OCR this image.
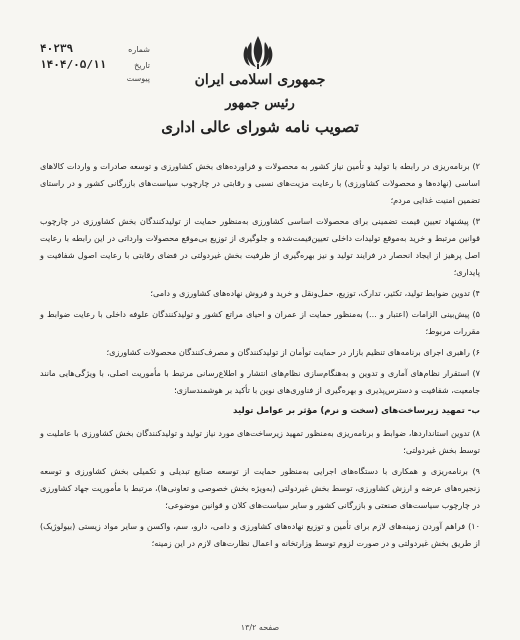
شماره
۴۰۲۳۹
تاریخ
۱۴۰۴/۰۵/۱۱
پیوست	جمهوری اسلامی ایران
رئیس جمهور
تصویب نامه شورای عالی اداری

۲) برنامه‌ریزی در رابطه با تولید و تأمین نیاز کشور به محصولات و فراورده‌های بخش کشاورزی و توسعه صادرات و واردات کالاهای اساسی (نهاده‌ها و محصولات کشاورزی) با رعایت مزیت‌های نسبی و رقابتی در چارچوب سیاست‌های بازرگانی کشور و در راستای تضمین امنیت غذایی مردم؛

۳) پیشنهاد تعیین قیمت تضمینی برای محصولات اساسی کشاورزی به‌منظور حمایت از تولیدکنندگان بخش کشاورزی در چارچوب قوانین مرتبط و خرید به‌موقع تولیدات داخلی تعیین‌قیمت‌شده و جلوگیری از توزیع بی‌موقع محصولات وارداتی در این رابطه با رعایت اصل پرهیز از ایجاد انحصار در فرایند تولید و نیز بهره‌گیری از ظرفیت بخش غیردولتی در فضای رقابتی با رعایت اصول شفافیت و پایداری؛

۴) تدوین ضوابط تولید، تکثیر، تدارک، توزیع، حمل‌ونقل و خرید و فروش نهاده‌های کشاورزی و دامی؛

۵) پیش‌بینی الزامات (اعتبار و ...) به‌منظور حمایت از عمران و احیای مراتع کشور و تولیدکنندگان علوفه داخلی با رعایت ضوابط و مقررات مربوط؛

۶) راهبری اجرای برنامه‌های تنظیم بازار در حمایت توأمان از تولیدکنندگان و مصرف‌کنندگان محصولات کشاورزی؛

۷) استقرار نظام‌های آماری و تدوین و به‌هنگام‌سازی نظام‌های انتشار و اطلاع‌رسانی مرتبط با مأموریت اصلی، با ویژگی‌هایی مانند جامعیت، شفافیت و دسترس‌پذیری و بهره‌گیری از فناوری‌های نوین با تأکید بر هوشمندسازی؛

ب- تمهید زیرساخت‌های (سخت و نرم) مؤثر بر عوامل تولید

۸) تدوین استانداردها، ضوابط و برنامه‌ریزی به‌منظور تمهید زیرساخت‌های مورد نیاز تولید و تولیدکنندگان بخش کشاورزی با عاملیت و توسط بخش غیردولتی؛

۹) برنامه‌ریزی و همکاری با دستگاه‌های اجرایی به‌منظور حمایت از توسعه صنایع تبدیلی و تکمیلی بخش کشاورزی و توسعه زنجیره‌های عرضه و ارزش کشاورزی، توسط بخش غیردولتی (به‌ویژه بخش خصوصی و تعاونی‌ها)، مرتبط با مأموریت جهاد کشاورزی در چارچوب سیاست‌های صنعتی و بازرگانی کشور و سایر سیاست‌های کلان و قوانین موضوعی؛

۱۰) فراهم آوردن زمینه‌های لازم برای تأمین و توزیع نهاده‌های کشاورزی و دامی، دارو، سم، واکسن و سایر مواد زیستی (بیولوژیک) از طریق بخش غیردولتی و در صورت لزوم توسط وزارتخانه و اعمال نظارت‌های لازم در این زمینه؛

صفحه ۱۳/۲
